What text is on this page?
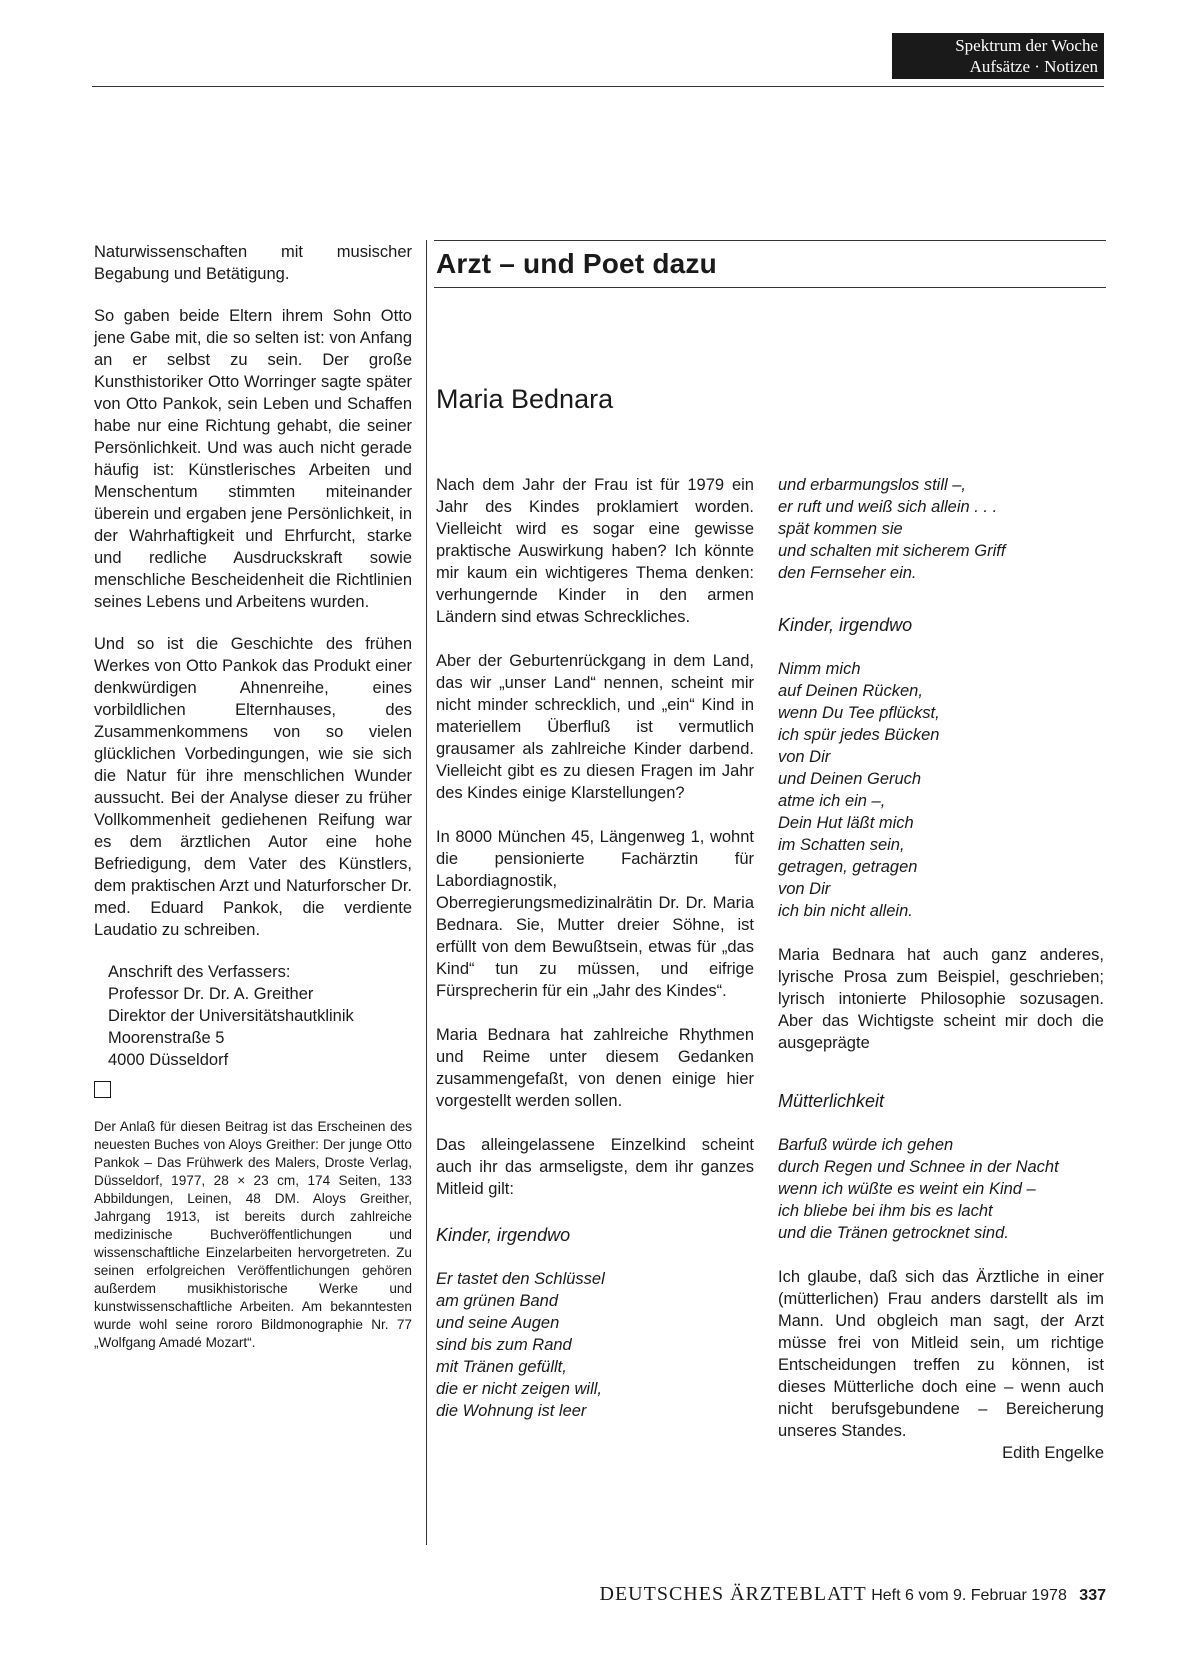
Spektrum der Woche
Aufsätze · Notizen

Naturwissenschaften mit musischer Begabung und Betätigung.

So gaben beide Eltern ihrem Sohn Otto jene Gabe mit, die so selten ist: von Anfang an er selbst zu sein. Der große Kunsthistoriker Otto Worringer sagte später von Otto Pankok, sein Leben und Schaffen habe nur eine Richtung gehabt, die seiner Persönlichkeit. Und was auch nicht gerade häufig ist: Künstlerisches Arbeiten und Menschentum stimmten miteinander überein und ergaben jene Persönlichkeit, in der Wahrhaftigkeit und Ehrfurcht, starke und redliche Ausdruckskraft sowie menschliche Bescheidenheit die Richtlinien seines Lebens und Arbeitens wurden.

Und so ist die Geschichte des frühen Werkes von Otto Pankok das Produkt einer denkwürdigen Ahnenreihe, eines vorbildlichen Elternhauses, des Zusammenkommens von so vielen glücklichen Vorbedingungen, wie sie sich die Natur für ihre menschlichen Wunder aussucht. Bei der Analyse dieser zu früher Vollkommenheit gediehenen Reifung war es dem ärztlichen Autor eine hohe Befriedigung, dem Vater des Künstlers, dem praktischen Arzt und Naturforscher Dr. med. Eduard Pankok, die verdiente Laudatio zu schreiben.

Anschrift des Verfassers:
Professor Dr. Dr. A. Greither
Direktor der Universitätshautklinik
Moorenstraße 5
4000 Düsseldorf

Der Anlaß für diesen Beitrag ist das Erscheinen des neuesten Buches von Aloys Greither: Der junge Otto Pankok – Das Frühwerk des Malers, Droste Verlag, Düsseldorf, 1977, 28 × 23 cm, 174 Seiten, 133 Abbildungen, Leinen, 48 DM. Aloys Greither, Jahrgang 1913, ist bereits durch zahlreiche medizinische Buchveröffentlichungen und wissenschaftliche Einzelarbeiten hervorgetreten. Zu seinen erfolgreichen Veröffentlichungen gehören außerdem musikhistorische Werke und kunstwissenschaftliche Arbeiten. Am bekanntesten wurde wohl seine rororo Bildmonographie Nr. 77 „Wolfgang Amadé Mozart“.

Arzt – und Poet dazu
Maria Bednara

Nach dem Jahr der Frau ist für 1979 ein Jahr des Kindes proklamiert worden. Vielleicht wird es sogar eine gewisse praktische Auswirkung haben? Ich könnte mir kaum ein wichtigeres Thema denken: verhungernde Kinder in den armen Ländern sind etwas Schreckliches.

Aber der Geburtenrückgang in dem Land, das wir „unser Land“ nennen, scheint mir nicht minder schrecklich, und „ein“ Kind in materiellem Überfluß ist vermutlich grausamer als zahlreiche Kinder darbend. Vielleicht gibt es zu diesen Fragen im Jahr des Kindes einige Klarstellungen?

In 8000 München 45, Längenweg 1, wohnt die pensionierte Fachärztin für Labordiagnostik, Oberregierungsmedizinalrätin Dr. Dr. Maria Bednara. Sie, Mutter dreier Söhne, ist erfüllt von dem Bewußtsein, etwas für „das Kind“ tun zu müssen, und eifrige Fürsprecherin für ein „Jahr des Kindes“.

Maria Bednara hat zahlreiche Rhythmen und Reime unter diesem Gedanken zusammengefaßt, von denen einige hier vorgestellt werden sollen.

Das alleingelassene Einzelkind scheint auch ihr das armseligste, dem ihr ganzes Mitleid gilt:

Kinder, irgendwo
Er tastet den Schlüssel
am grünen Band
und seine Augen
sind bis zum Rand
mit Tränen gefüllt,
die er nicht zeigen will,
die Wohnung ist leer
und erbarmungslos still –,
er ruft und weiß sich allein . . .
spät kommen sie
und schalten mit sicherem Griff
den Fernseher ein.
Kinder, irgendwo
Nimm mich
auf Deinen Rücken,
wenn Du Tee pflückst,
ich spür jedes Bücken
von Dir
und Deinen Geruch
atme ich ein –,
Dein Hut läßt mich
im Schatten sein,
getragen, getragen
von Dir
ich bin nicht allein.

Maria Bednara hat auch ganz anderes, lyrische Prosa zum Beispiel, geschrieben; lyrisch intonierte Philosophie sozusagen. Aber das Wichtigste scheint mir doch die ausgeprägte

Mütterlichkeit
Barfuß würde ich gehen
durch Regen und Schnee in der Nacht
wenn ich wüßte es weint ein Kind –
ich bliebe bei ihm bis es lacht
und die Tränen getrocknet sind.

Ich glaube, daß sich das Ärztliche in einer (mütterlichen) Frau anders darstellt als im Mann. Und obgleich man sagt, der Arzt müsse frei von Mitleid sein, um richtige Entscheidungen treffen zu können, ist dieses Mütterliche doch eine – wenn auch nicht berufsgebundene – Bereicherung unseres Standes.

Edith Engelke
DEUTSCHES ÄRZTEBLATT Heft 6 vom 9. Februar 1978 337
